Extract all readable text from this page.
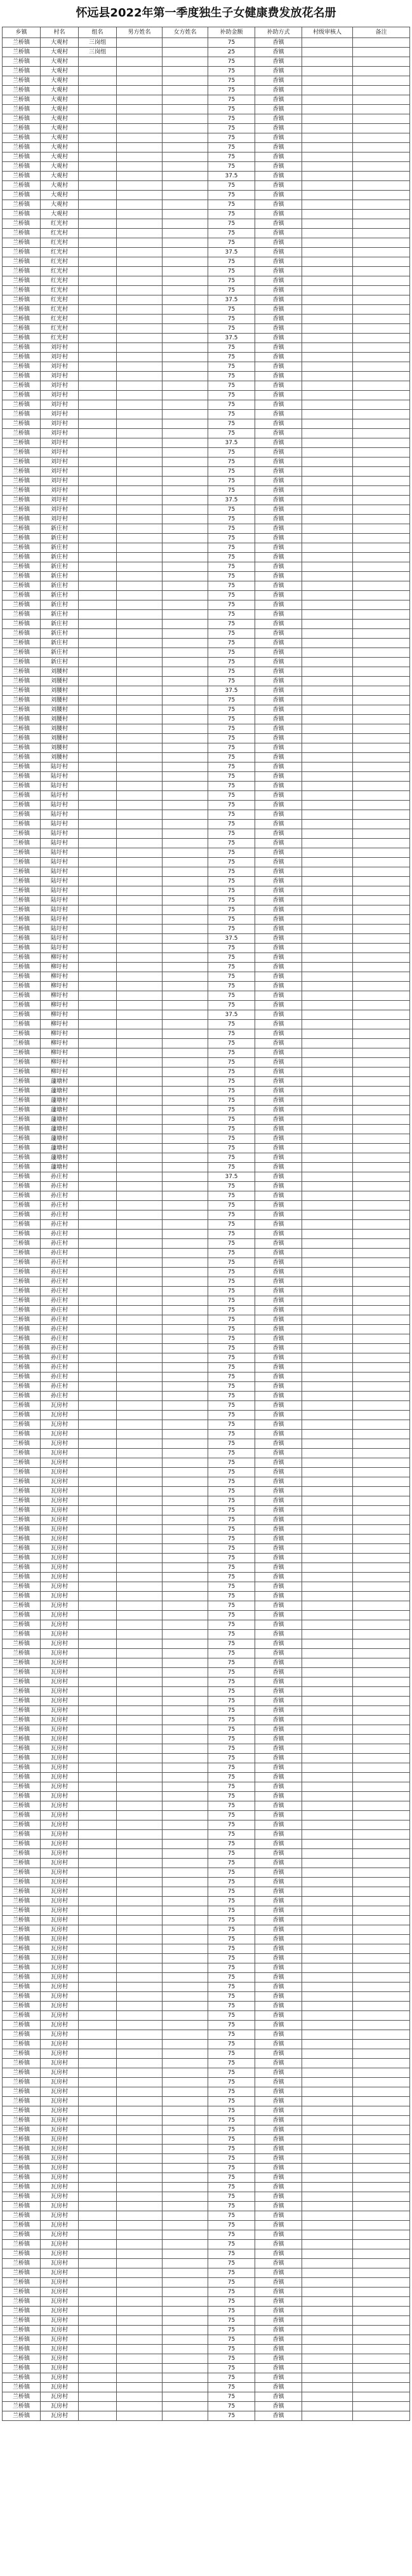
怀远县2022年第一季度独生子女健康费发放花名册
乡镇	村名	组名	男方姓名	女方姓名	补助金额	补助方式	村级审核人	备注
兰桥镇	大观村	三岗组			75	香镇		
兰桥镇	大观村	三岗组			25	香镇		
兰桥镇	大观村				75	香镇		
兰桥镇	大观村				75	香镇		
兰桥镇	大观村				75	香镇		
兰桥镇	大观村				75	香镇		
兰桥镇	大观村				75	香镇		
兰桥镇	大观村				75	香镇		
兰桥镇	大观村				75	香镇		
兰桥镇	大观村				75	香镇		
兰桥镇	大观村				75	香镇		
兰桥镇	大观村				75	香镇		
兰桥镇	大观村				75	香镇		
兰桥镇	大观村				75	香镇		
兰桥镇	大观村				37.5	香镇		
兰桥镇	大观村				75	香镇		
兰桥镇	大观村				75	香镇		
兰桥镇	大观村				75	香镇		
兰桥镇	大观村				75	香镇		
兰桥镇	红光村				75	香镇		
兰桥镇	红光村				75	香镇		
兰桥镇	红光村				75	香镇		
兰桥镇	红光村				37.5	香镇		
兰桥镇	红光村				75	香镇		
兰桥镇	红光村				75	香镇		
兰桥镇	红光村				75	香镇		
兰桥镇	红光村				75	香镇		
兰桥镇	红光村				37.5	香镇		
兰桥镇	红光村				75	香镇		
兰桥镇	红光村				75	香镇		
兰桥镇	红光村				75	香镇		
兰桥镇	红光村				37.5	香镇		
兰桥镇	刘圩村				75	香镇		
兰桥镇	刘圩村				75	香镇		
兰桥镇	刘圩村				75	香镇		
兰桥镇	刘圩村				75	香镇		
兰桥镇	刘圩村				75	香镇		
兰桥镇	刘圩村				75	香镇		
兰桥镇	刘圩村				75	香镇		
兰桥镇	刘圩村				75	香镇		
兰桥镇	刘圩村				75	香镇		
兰桥镇	刘圩村				75	香镇		
兰桥镇	刘圩村				37.5	香镇		
兰桥镇	刘圩村				75	香镇		
兰桥镇	刘圩村				75	香镇		
兰桥镇	刘圩村				75	香镇		
兰桥镇	刘圩村				75	香镇		
兰桥镇	刘圩村				75	香镇		
兰桥镇	刘圩村				37.5	香镇		
兰桥镇	刘圩村				75	香镇		
兰桥镇	刘圩村				75	香镇		
兰桥镇	新庄村				75	香镇		
兰桥镇	新庄村				75	香镇		
兰桥镇	新庄村				75	香镇		
兰桥镇	新庄村				75	香镇		
兰桥镇	新庄村				75	香镇		
兰桥镇	新庄村				75	香镇		
兰桥镇	新庄村				75	香镇		
兰桥镇	新庄村				75	香镇		
兰桥镇	新庄村				75	香镇		
兰桥镇	新庄村				75	香镇		
兰桥镇	新庄村				75	香镇		
兰桥镇	新庄村				75	香镇		
兰桥镇	新庄村				75	香镇		
兰桥镇	新庄村				75	香镇		
兰桥镇	新庄村				75	香镇		
兰桥镇	刘腰村				75	香镇		
兰桥镇	刘腰村				75	香镇		
兰桥镇	刘腰村				37.5	香镇		
兰桥镇	刘腰村				75	香镇		
兰桥镇	刘腰村				75	香镇		
兰桥镇	刘腰村				75	香镇		
兰桥镇	刘腰村				75	香镇		
兰桥镇	刘腰村				75	香镇		
兰桥镇	刘腰村				75	香镇		
兰桥镇	刘腰村				75	香镇		
兰桥镇	陆圩村				75	香镇		
兰桥镇	陆圩村				75	香镇		
兰桥镇	陆圩村				75	香镇		
兰桥镇	陆圩村				75	香镇		
兰桥镇	陆圩村				75	香镇		
兰桥镇	陆圩村				75	香镇		
兰桥镇	陆圩村				75	香镇		
兰桥镇	陆圩村				75	香镇		
兰桥镇	陆圩村				75	香镇		
兰桥镇	陆圩村				75	香镇		
兰桥镇	陆圩村				75	香镇		
兰桥镇	陆圩村				75	香镇		
兰桥镇	陆圩村				75	香镇		
兰桥镇	陆圩村				75	香镇		
兰桥镇	陆圩村				75	香镇		
兰桥镇	陆圩村				75	香镇		
兰桥镇	陆圩村				75	香镇		
兰桥镇	陆圩村				75	香镇		
兰桥镇	陆圩村				37.5	香镇		
兰桥镇	陆圩村				75	香镇		
兰桥镇	柳圩村				75	香镇		
兰桥镇	柳圩村				75	香镇		
兰桥镇	柳圩村				75	香镇		
兰桥镇	柳圩村				75	香镇		
兰桥镇	柳圩村				75	香镇		
兰桥镇	柳圩村				75	香镇		
兰桥镇	柳圩村				37.5	香镇		
兰桥镇	柳圩村				75	香镇		
兰桥镇	柳圩村				75	香镇		
兰桥镇	柳圩村				75	香镇		
兰桥镇	柳圩村				75	香镇		
兰桥镇	柳圩村				75	香镇		
兰桥镇	柳圩村				75	香镇		
兰桥镇	蘧塘村				75	香镇		
兰桥镇	蘧塘村				75	香镇		
兰桥镇	蘧塘村				75	香镇		
兰桥镇	蘧塘村				75	香镇		
兰桥镇	蘧塘村				75	香镇		
兰桥镇	蘧塘村				75	香镇		
兰桥镇	蘧塘村				75	香镇		
兰桥镇	蘧塘村				75	香镇		
兰桥镇	蘧塘村				75	香镇		
兰桥镇	蘧塘村				75	香镇		
兰桥镇	孙庄村				37.5	香镇		
兰桥镇	孙庄村				75	香镇		
兰桥镇	孙庄村				75	香镇		
兰桥镇	孙庄村				75	香镇		
兰桥镇	孙庄村				75	香镇		
兰桥镇	孙庄村				75	香镇		
兰桥镇	孙庄村				75	香镇		
兰桥镇	孙庄村				75	香镇		
兰桥镇	孙庄村				75	香镇		
兰桥镇	孙庄村				75	香镇		
兰桥镇	孙庄村				75	香镇		
兰桥镇	孙庄村				75	香镇		
兰桥镇	孙庄村				75	香镇		
兰桥镇	孙庄村				75	香镇		
兰桥镇	孙庄村				75	香镇		
兰桥镇	孙庄村				75	香镇		
兰桥镇	孙庄村				75	香镇		
兰桥镇	孙庄村				75	香镇		
兰桥镇	孙庄村				75	香镇		
兰桥镇	孙庄村				75	香镇		
兰桥镇	孙庄村				75	香镇		
兰桥镇	孙庄村				75	香镇		
兰桥镇	孙庄村				75	香镇		
兰桥镇	孙庄村				75	香镇		
兰桥镇	瓦房村				75	香镇		
兰桥镇	瓦房村				75	香镇		
兰桥镇	瓦房村				75	香镇		
兰桥镇	瓦房村				75	香镇		
兰桥镇	瓦房村				75	香镇		
兰桥镇	瓦房村				75	香镇		
兰桥镇	瓦房村				75	香镇		
兰桥镇	瓦房村				75	香镇		
兰桥镇	瓦房村				75	香镇		
兰桥镇	瓦房村				75	香镇		
兰桥镇	瓦房村				75	香镇		
兰桥镇	瓦房村				75	香镇		
兰桥镇	瓦房村				75	香镇		
兰桥镇	瓦房村				75	香镇		
兰桥镇	瓦房村				75	香镇		
兰桥镇	瓦房村				75	香镇		
兰桥镇	瓦房村				75	香镇		
兰桥镇	瓦房村				75	香镇		
兰桥镇	瓦房村				75	香镇		
兰桥镇	瓦房村				75	香镇		
兰桥镇	瓦房村				75	香镇		
兰桥镇	瓦房村				75	香镇		
兰桥镇	瓦房村				75	香镇		
兰桥镇	瓦房村				75	香镇		
兰桥镇	瓦房村				75	香镇		
兰桥镇	瓦房村				75	香镇		
兰桥镇	瓦房村				75	香镇		
兰桥镇	瓦房村				75	香镇		
兰桥镇	瓦房村				75	香镇		
兰桥镇	瓦房村				75	香镇		
兰桥镇	瓦房村				75	香镇		
兰桥镇	瓦房村				75	香镇		
兰桥镇	瓦房村				75	香镇		
兰桥镇	瓦房村				75	香镇		
兰桥镇	瓦房村				75	香镇		
兰桥镇	瓦房村				75	香镇		
兰桥镇	瓦房村				75	香镇		
兰桥镇	瓦房村				75	香镇		
兰桥镇	瓦房村				75	香镇		
兰桥镇	瓦房村				75	香镇		
兰桥镇	瓦房村				75	香镇		
兰桥镇	瓦房村				75	香镇		
兰桥镇	瓦房村				75	香镇		
兰桥镇	瓦房村				75	香镇		
兰桥镇	瓦房村				75	香镇		
兰桥镇	瓦房村				75	香镇		
兰桥镇	瓦房村				75	香镇		
兰桥镇	瓦房村				75	香镇		
兰桥镇	瓦房村				75	香镇		
兰桥镇	瓦房村				75	香镇		
兰桥镇	瓦房村				75	香镇		
兰桥镇	瓦房村				75	香镇		
兰桥镇	瓦房村				75	香镇		
兰桥镇	瓦房村				75	香镇		
兰桥镇	瓦房村				75	香镇		
兰桥镇	瓦房村				75	香镇		
兰桥镇	瓦房村				75	香镇		
兰桥镇	瓦房村				75	香镇		
兰桥镇	瓦房村				75	香镇		
兰桥镇	瓦房村				75	香镇		
兰桥镇	瓦房村				75	香镇		
兰桥镇	瓦房村				75	香镇		
兰桥镇	瓦房村				75	香镇		
兰桥镇	瓦房村				75	香镇		
兰桥镇	瓦房村				75	香镇		
兰桥镇	瓦房村				75	香镇		
兰桥镇	瓦房村				75	香镇		
兰桥镇	瓦房村				75	香镇		
兰桥镇	瓦房村				75	香镇		
兰桥镇	瓦房村				75	香镇		
兰桥镇	瓦房村				75	香镇		
兰桥镇	瓦房村				75	香镇		
兰桥镇	瓦房村				75	香镇		
兰桥镇	瓦房村				75	香镇		
兰桥镇	瓦房村				75	香镇		
兰桥镇	瓦房村				75	香镇		
兰桥镇	瓦房村				75	香镇		
兰桥镇	瓦房村				75	香镇		
兰桥镇	瓦房村				75	香镇		
兰桥镇	瓦房村				75	香镇		
兰桥镇	瓦房村				75	香镇		
兰桥镇	瓦房村				75	香镇		
兰桥镇	瓦房村				75	香镇		
兰桥镇	瓦房村				75	香镇		
兰桥镇	瓦房村				75	香镇		
兰桥镇	瓦房村				75	香镇		
兰桥镇	瓦房村				75	香镇		
兰桥镇	瓦房村				75	香镇		
兰桥镇	瓦房村				75	香镇		
兰桥镇	瓦房村				75	香镇		
兰桥镇	瓦房村				75	香镇		
兰桥镇	瓦房村				75	香镇		
兰桥镇	瓦房村				75	香镇		
兰桥镇	瓦房村				75	香镇		
兰桥镇	瓦房村				75	香镇		
兰桥镇	瓦房村				75	香镇		
兰桥镇	瓦房村				75	香镇		
兰桥镇	瓦房村				75	香镇		
兰桥镇	瓦房村				75	香镇		
兰桥镇	瓦房村				75	香镇		
兰桥镇	瓦房村				75	香镇		
兰桥镇	瓦房村				75	香镇		
兰桥镇	瓦房村				75	香镇		
兰桥镇	瓦房村				75	香镇		
兰桥镇	瓦房村				75	香镇		
兰桥镇	瓦房村				75	香镇		
兰桥镇	瓦房村				75	香镇		
